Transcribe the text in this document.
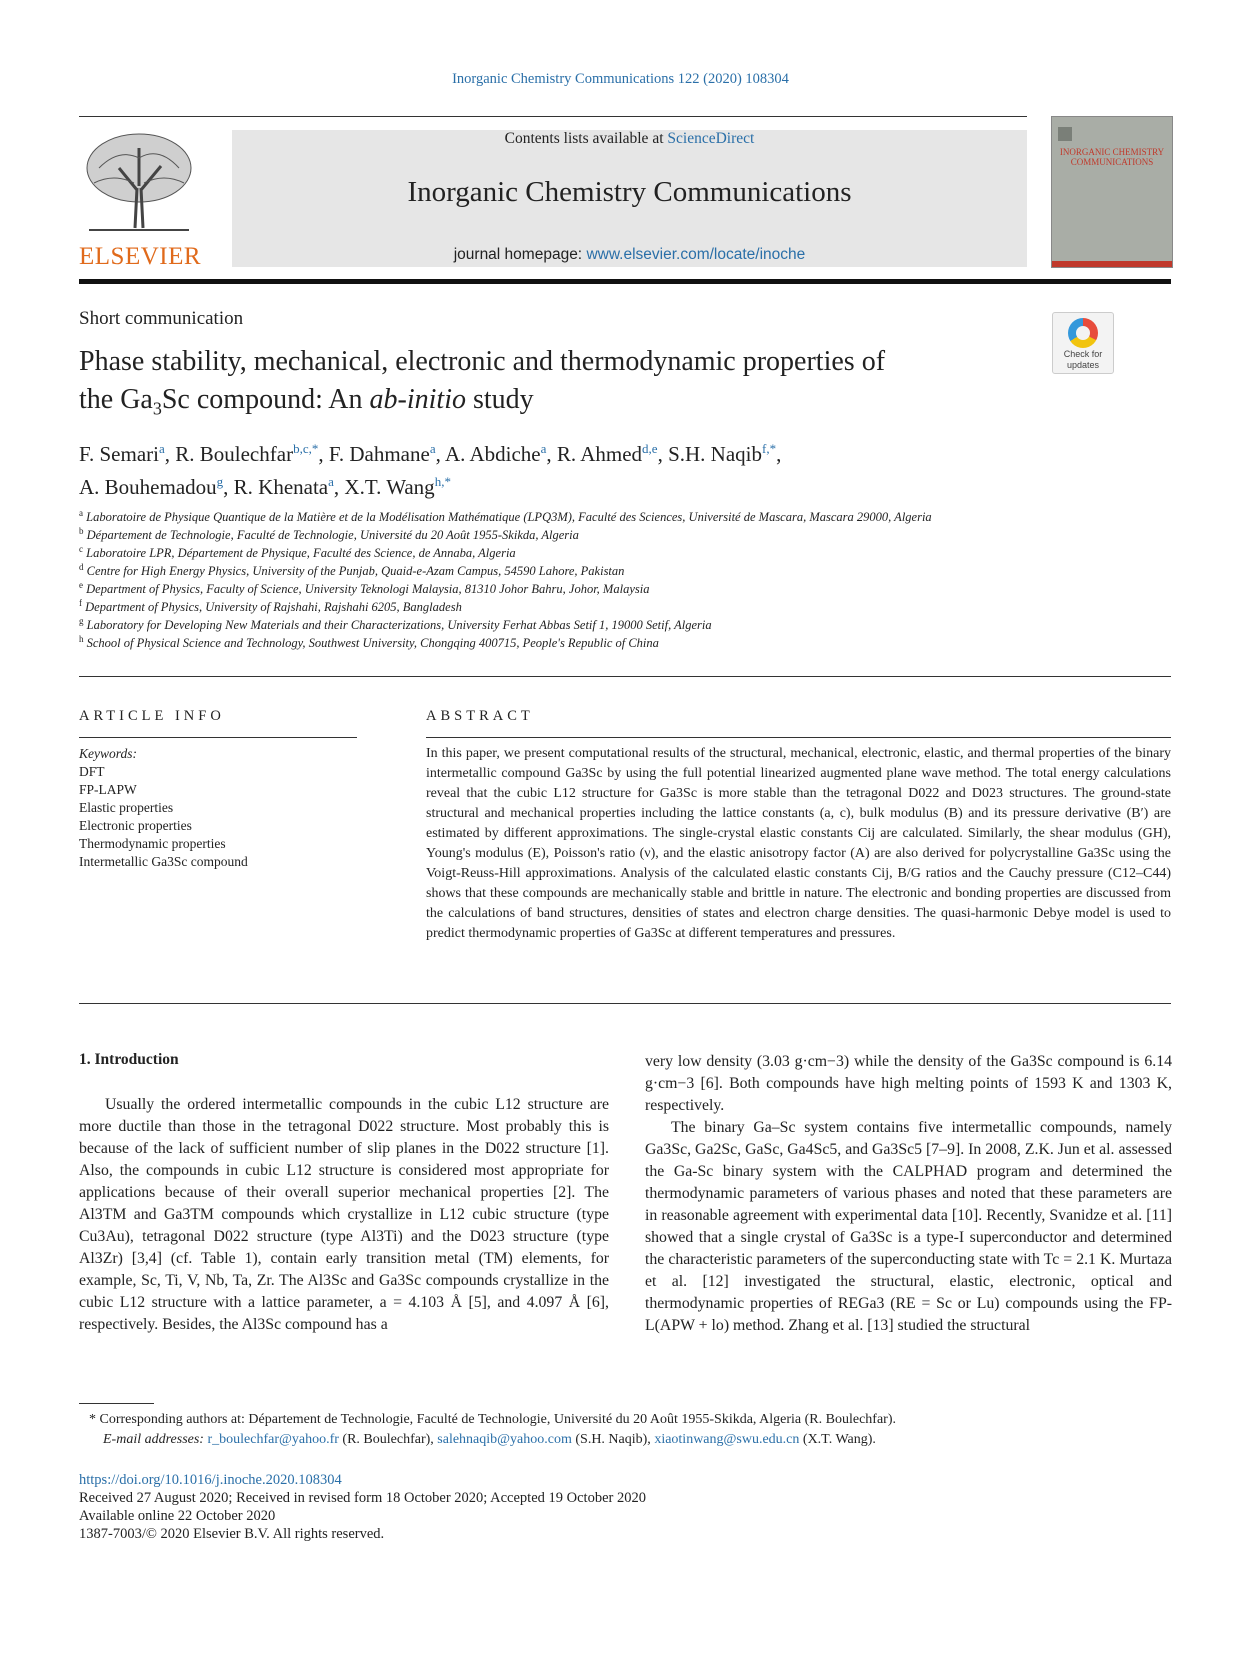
Inorganic Chemistry Communications 122 (2020) 108304
ELSEVIER
Contents lists available at ScienceDirect
Inorganic Chemistry Communications
journal homepage: www.elsevier.com/locate/inoche
INORGANIC CHEMISTRY COMMUNICATIONS
Short communication
Check for
updates
Phase stability, mechanical, electronic and thermodynamic properties of
the $Ga_3Sc$ compound: An ab-initio study
F. Semari$^a$, R. Boulechfar$^{b,c,*}$, F. Dahmane$^a$, A. Abdiche$^a$, R. Ahmed$^{d,e}$, S.H. Naqib$^{f,*}$,
A. Bouhemadou$^g$, R. Khenata$^a$, X.T. Wang$^{h,*}$
$^a$ Laboratoire de Physique Quantique de la Matière et de la Modélisation Mathématique (LPQ3M), Faculté des Sciences, Université de Mascara, Mascara 29000, Algeria
$^b$ Département de Technologie, Faculté de Technologie, Université du 20 Août 1955-Skikda, Algeria
$^c$ Laboratoire LPR, Département de Physique, Faculté des Science, de Annaba, Algeria
$^d$ Centre for High Energy Physics, University of the Punjab, Quaid-e-Azam Campus, 54590 Lahore, Pakistan
$^e$ Department of Physics, Faculty of Science, University Teknologi Malaysia, 81310 Johor Bahru, Johor, Malaysia
$^f$ Department of Physics, University of Rajshahi, Rajshahi 6205, Bangladesh
$^g$ Laboratory for Developing New Materials and their Characterizations, University Ferhat Abbas Setif 1, 19000 Setif, Algeria
$^h$ School of Physical Science and Technology, Southwest University, Chongqing 400715, People's Republic of China
ARTICLE INFO	ABSTRACT
Keywords:
DFT
FP-LAPW
Elastic properties
Electronic properties
Thermodynamic properties
Intermetallic Ga3Sc compound
In this paper, we present computational results of the structural, mechanical, electronic, elastic, and thermal properties of the binary intermetallic compound Ga3Sc by using the full potential linearized augmented plane wave method. The total energy calculations reveal that the cubic L12 structure for Ga3Sc is more stable than the tetragonal D022 and D023 structures. The ground-state structural and mechanical properties including the lattice constants (a, c), bulk modulus (B) and its pressure derivative (B′) are estimated by different approximations. The single-crystal elastic constants Cij are calculated. Similarly, the shear modulus (GH), Young's modulus (E), Poisson's ratio (ν), and the elastic anisotropy factor (A) are also derived for polycrystalline Ga3Sc using the Voigt-Reuss-Hill approximations. Analysis of the calculated elastic constants Cij, B/G ratios and the Cauchy pressure (C12–C44) shows that these compounds are mechanically stable and brittle in nature. The electronic and bonding properties are discussed from the calculations of band structures, densities of states and electron charge densities. The quasi-harmonic Debye model is used to predict thermodynamic properties of Ga3Sc at different temperatures and pressures.
1. Introduction

Usually the ordered intermetallic compounds in the cubic L12 structure are more ductile than those in the tetragonal D022 structure. Most probably this is because of the lack of sufficient number of slip planes in the D022 structure [1]. Also, the compounds in cubic L12 structure is considered most appropriate for applications because of their overall superior mechanical properties [2]. The Al3TM and Ga3TM compounds which crystallize in L12 cubic structure (type Cu3Au), tetragonal D022 structure (type Al3Ti) and the D023 structure (type Al3Zr) [3,4] (cf. Table 1), contain early transition metal (TM) elements, for example, Sc, Ti, V, Nb, Ta, Zr. The Al3Sc and Ga3Sc compounds crystallize in the cubic L12 structure with a lattice parameter, a = 4.103 Å [5], and 4.097 Å [6], respectively. Besides, the Al3Sc compound has a

very low density (3.03 g·cm−3) while the density of the Ga3Sc compound is 6.14 g·cm−3 [6]. Both compounds have high melting points of 1593 K and 1303 K, respectively.

The binary Ga–Sc system contains five intermetallic compounds, namely Ga3Sc, Ga2Sc, GaSc, Ga4Sc5, and Ga3Sc5 [7–9]. In 2008, Z.K. Jun et al. assessed the Ga-Sc binary system with the CALPHAD program and determined the thermodynamic parameters of various phases and noted that these parameters are in reasonable agreement with experimental data [10]. Recently, Svanidze et al. [11] showed that a single crystal of Ga3Sc is a type-I superconductor and determined the characteristic parameters of the superconducting state with Tc = 2.1 K. Murtaza et al. [12] investigated the structural, elastic, electronic, optical and thermodynamic properties of REGa3 (RE = Sc or Lu) compounds using the FP-L(APW + lo) method. Zhang et al. [13] studied the structural

* Corresponding authors at: Département de Technologie, Faculté de Technologie, Université du 20 Août 1955-Skikda, Algeria (R. Boulechfar).
E-mail addresses: r_boulechfar@yahoo.fr (R. Boulechfar), salehnaqib@yahoo.com (S.H. Naqib), xiaotinwang@swu.edu.cn (X.T. Wang).
https://doi.org/10.1016/j.inoche.2020.108304
Received 27 August 2020; Received in revised form 18 October 2020; Accepted 19 October 2020
Available online 22 October 2020
1387-7003/© 2020 Elsevier B.V. All rights reserved.
